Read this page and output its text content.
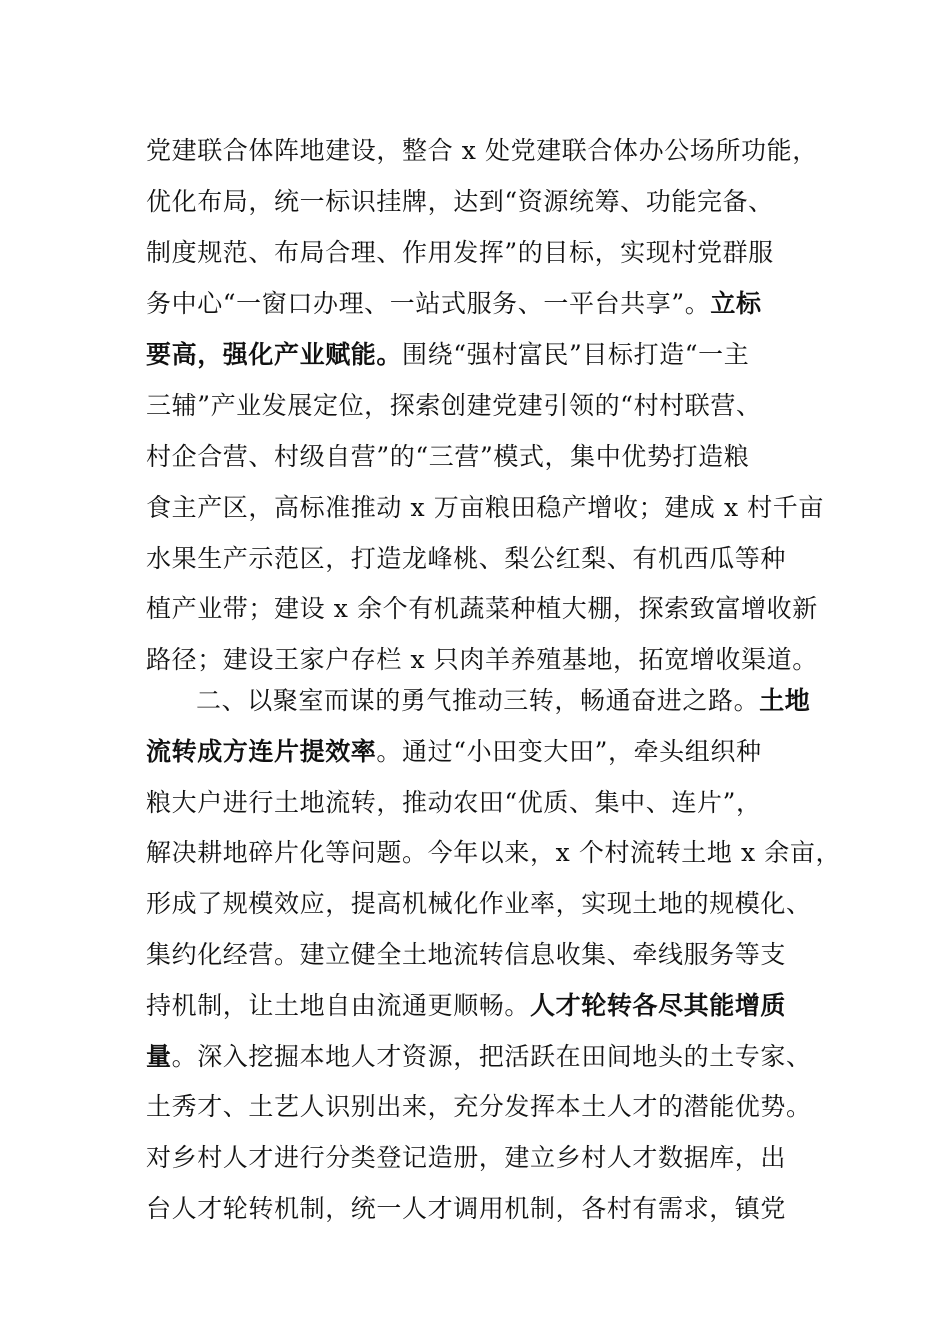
党建联合体阵地建设，整合 x 处党建联合体办公场所功能，
优化布局，统一标识挂牌，达到“资源统筹、功能完备、
制度规范、布局合理、作用发挥”的目标，实现村党群服
务中心“一窗口办理、一站式服务、一平台共享”。立标
要高，强化产业赋能。围绕“强村富民”目标打造“一主
三辅”产业发展定位，探索创建党建引领的“村村联营、
村企合营、村级自营”的“三营”模式，集中优势打造粮
食主产区，高标准推动 x 万亩粮田稳产增收；建成 x 村千亩
水果生产示范区，打造龙峰桃、梨公红梨、有机西瓜等种
植产业带；建设 x 余个有机蔬菜种植大棚，探索致富增收新
路径；建设王家户存栏 x 只肉羊养殖基地，拓宽增收渠道。
二、以聚室而谋的勇气推动三转，畅通奋进之路。土地
流转成方连片提效率。通过“小田变大田”，牵头组织种
粮大户进行土地流转，推动农田“优质、集中、连片”，
解决耕地碎片化等问题。今年以来，x 个村流转土地 x 余亩，
形成了规模效应，提高机械化作业率，实现土地的规模化、
集约化经营。建立健全土地流转信息收集、牵线服务等支
持机制，让土地自由流通更顺畅。人才轮转各尽其能增质
量。深入挖掘本地人才资源，把活跃在田间地头的土专家、
土秀才、土艺人识别出来，充分发挥本土人才的潜能优势。
对乡村人才进行分类登记造册，建立乡村人才数据库，出
台人才轮转机制，统一人才调用机制，各村有需求，镇党
